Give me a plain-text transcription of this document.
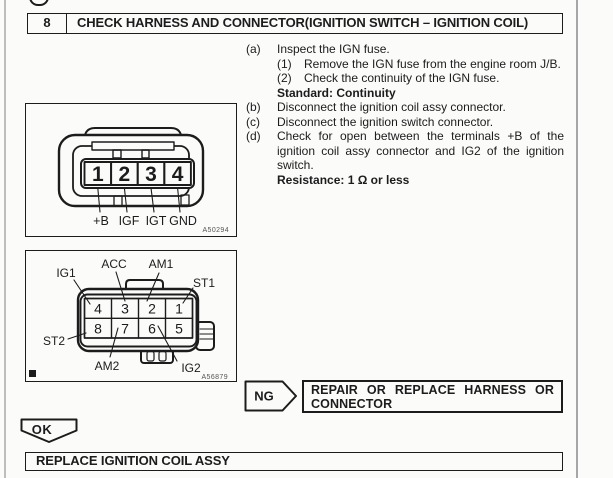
8	CHECK HARNESS AND CONNECTOR(IGNITION SWITCH – IGNITION COIL)
1 2 3 4
+B IGF IGT GND
A50294
4 3 2 1
8 7 6 5
IG1
ACC AM1
ST1
ST2
AM2	IG2
A56879
(a)	Inspect the IGN fuse.
(1)	Remove the IGN fuse from the engine room J/B.
(2)	Check the continuity of the IGN fuse.
Standard: Continuity
(b)	Disconnect the ignition coil assy connector.
(c)	Disconnect the ignition switch connector.
(d)	Check for open between the terminals +B of the ignition coil assy connector and IG2 of the ignition switch.
Resistance: 1 Ω or less
NG	REPAIR OR REPLACE HARNESS OR CONNECTOR
OK
REPLACE IGNITION COIL ASSY
